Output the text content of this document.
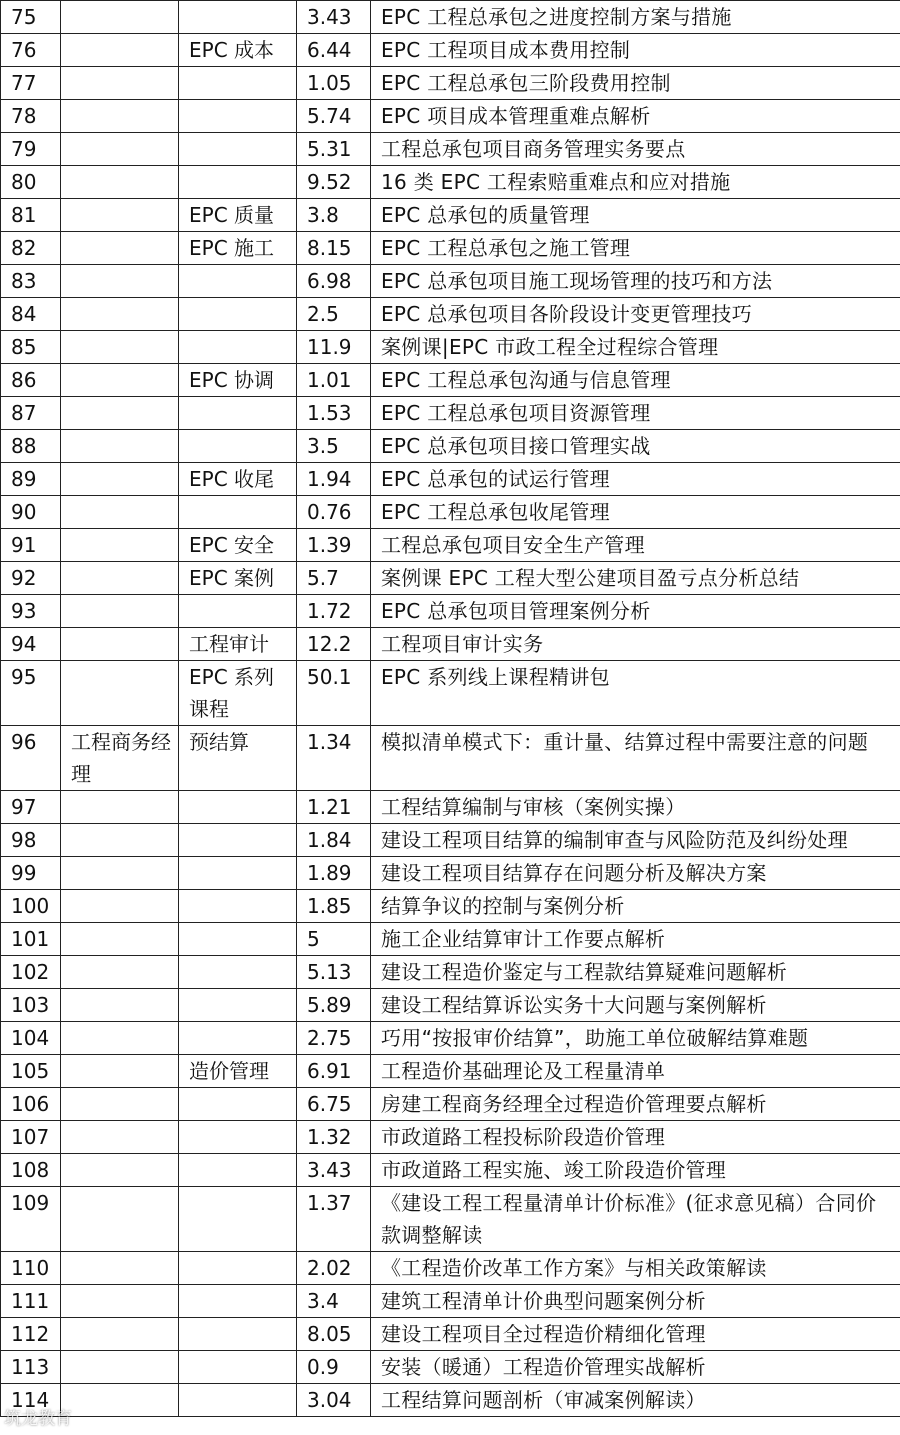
75			3.43	EPC 工程总承包之进度控制方案与措施
76		EPC 成本	6.44	EPC 工程项目成本费用控制
77			1.05	EPC 工程总承包三阶段费用控制
78			5.74	EPC 项目成本管理重难点解析
79			5.31	工程总承包项目商务管理实务要点
80			9.52	16 类 EPC 工程索赔重难点和应对措施
81		EPC 质量	3.8	EPC 总承包的质量管理
82		EPC 施工	8.15	EPC 工程总承包之施工管理
83			6.98	EPC 总承包项目施工现场管理的技巧和方法
84			2.5	EPC 总承包项目各阶段设计变更管理技巧
85			11.9	案例课|EPC 市政工程全过程综合管理
86		EPC 协调	1.01	EPC 工程总承包沟通与信息管理
87			1.53	EPC 工程总承包项目资源管理
88			3.5	EPC 总承包项目接口管理实战
89		EPC 收尾	1.94	EPC 总承包的试运行管理
90			0.76	EPC 工程总承包收尾管理
91		EPC 安全	1.39	工程总承包项目安全生产管理
92		EPC 案例	5.7	案例课 EPC 工程大型公建项目盈亏点分析总结
93			1.72	EPC 总承包项目管理案例分析
94		工程审计	12.2	工程项目审计实务
95		EPC 系列课程	50.1	EPC 系列线上课程精讲包
96	工程商务经理	预结算	1.34	模拟清单模式下：重计量、结算过程中需要注意的问题
97			1.21	工程结算编制与审核（案例实操）
98			1.84	建设工程项目结算的编制审查与风险防范及纠纷处理
99			1.89	建设工程项目结算存在问题分析及解决方案
100			1.85	结算争议的控制与案例分析
101			5	施工企业结算审计工作要点解析
102			5.13	建设工程造价鉴定与工程款结算疑难问题解析
103			5.89	建设工程结算诉讼实务十大问题与案例解析
104			2.75	巧用“按报审价结算”，助施工单位破解结算难题
105		造价管理	6.91	工程造价基础理论及工程量清单
106			6.75	房建工程商务经理全过程造价管理要点解析
107			1.32	市政道路工程投标阶段造价管理
108			3.43	市政道路工程实施、竣工阶段造价管理
109			1.37	《建设工程工程量清单计价标准》(征求意见稿）合同价款调整解读
110			2.02	《工程造价改革工作方案》与相关政策解读
111			3.4	建筑工程清单计价典型问题案例分析
112			8.05	建设工程项目全过程造价精细化管理
113			0.9	安装（暖通）工程造价管理实战解析
114			3.04	工程结算问题剖析（审减案例解读）
筑龙教育
